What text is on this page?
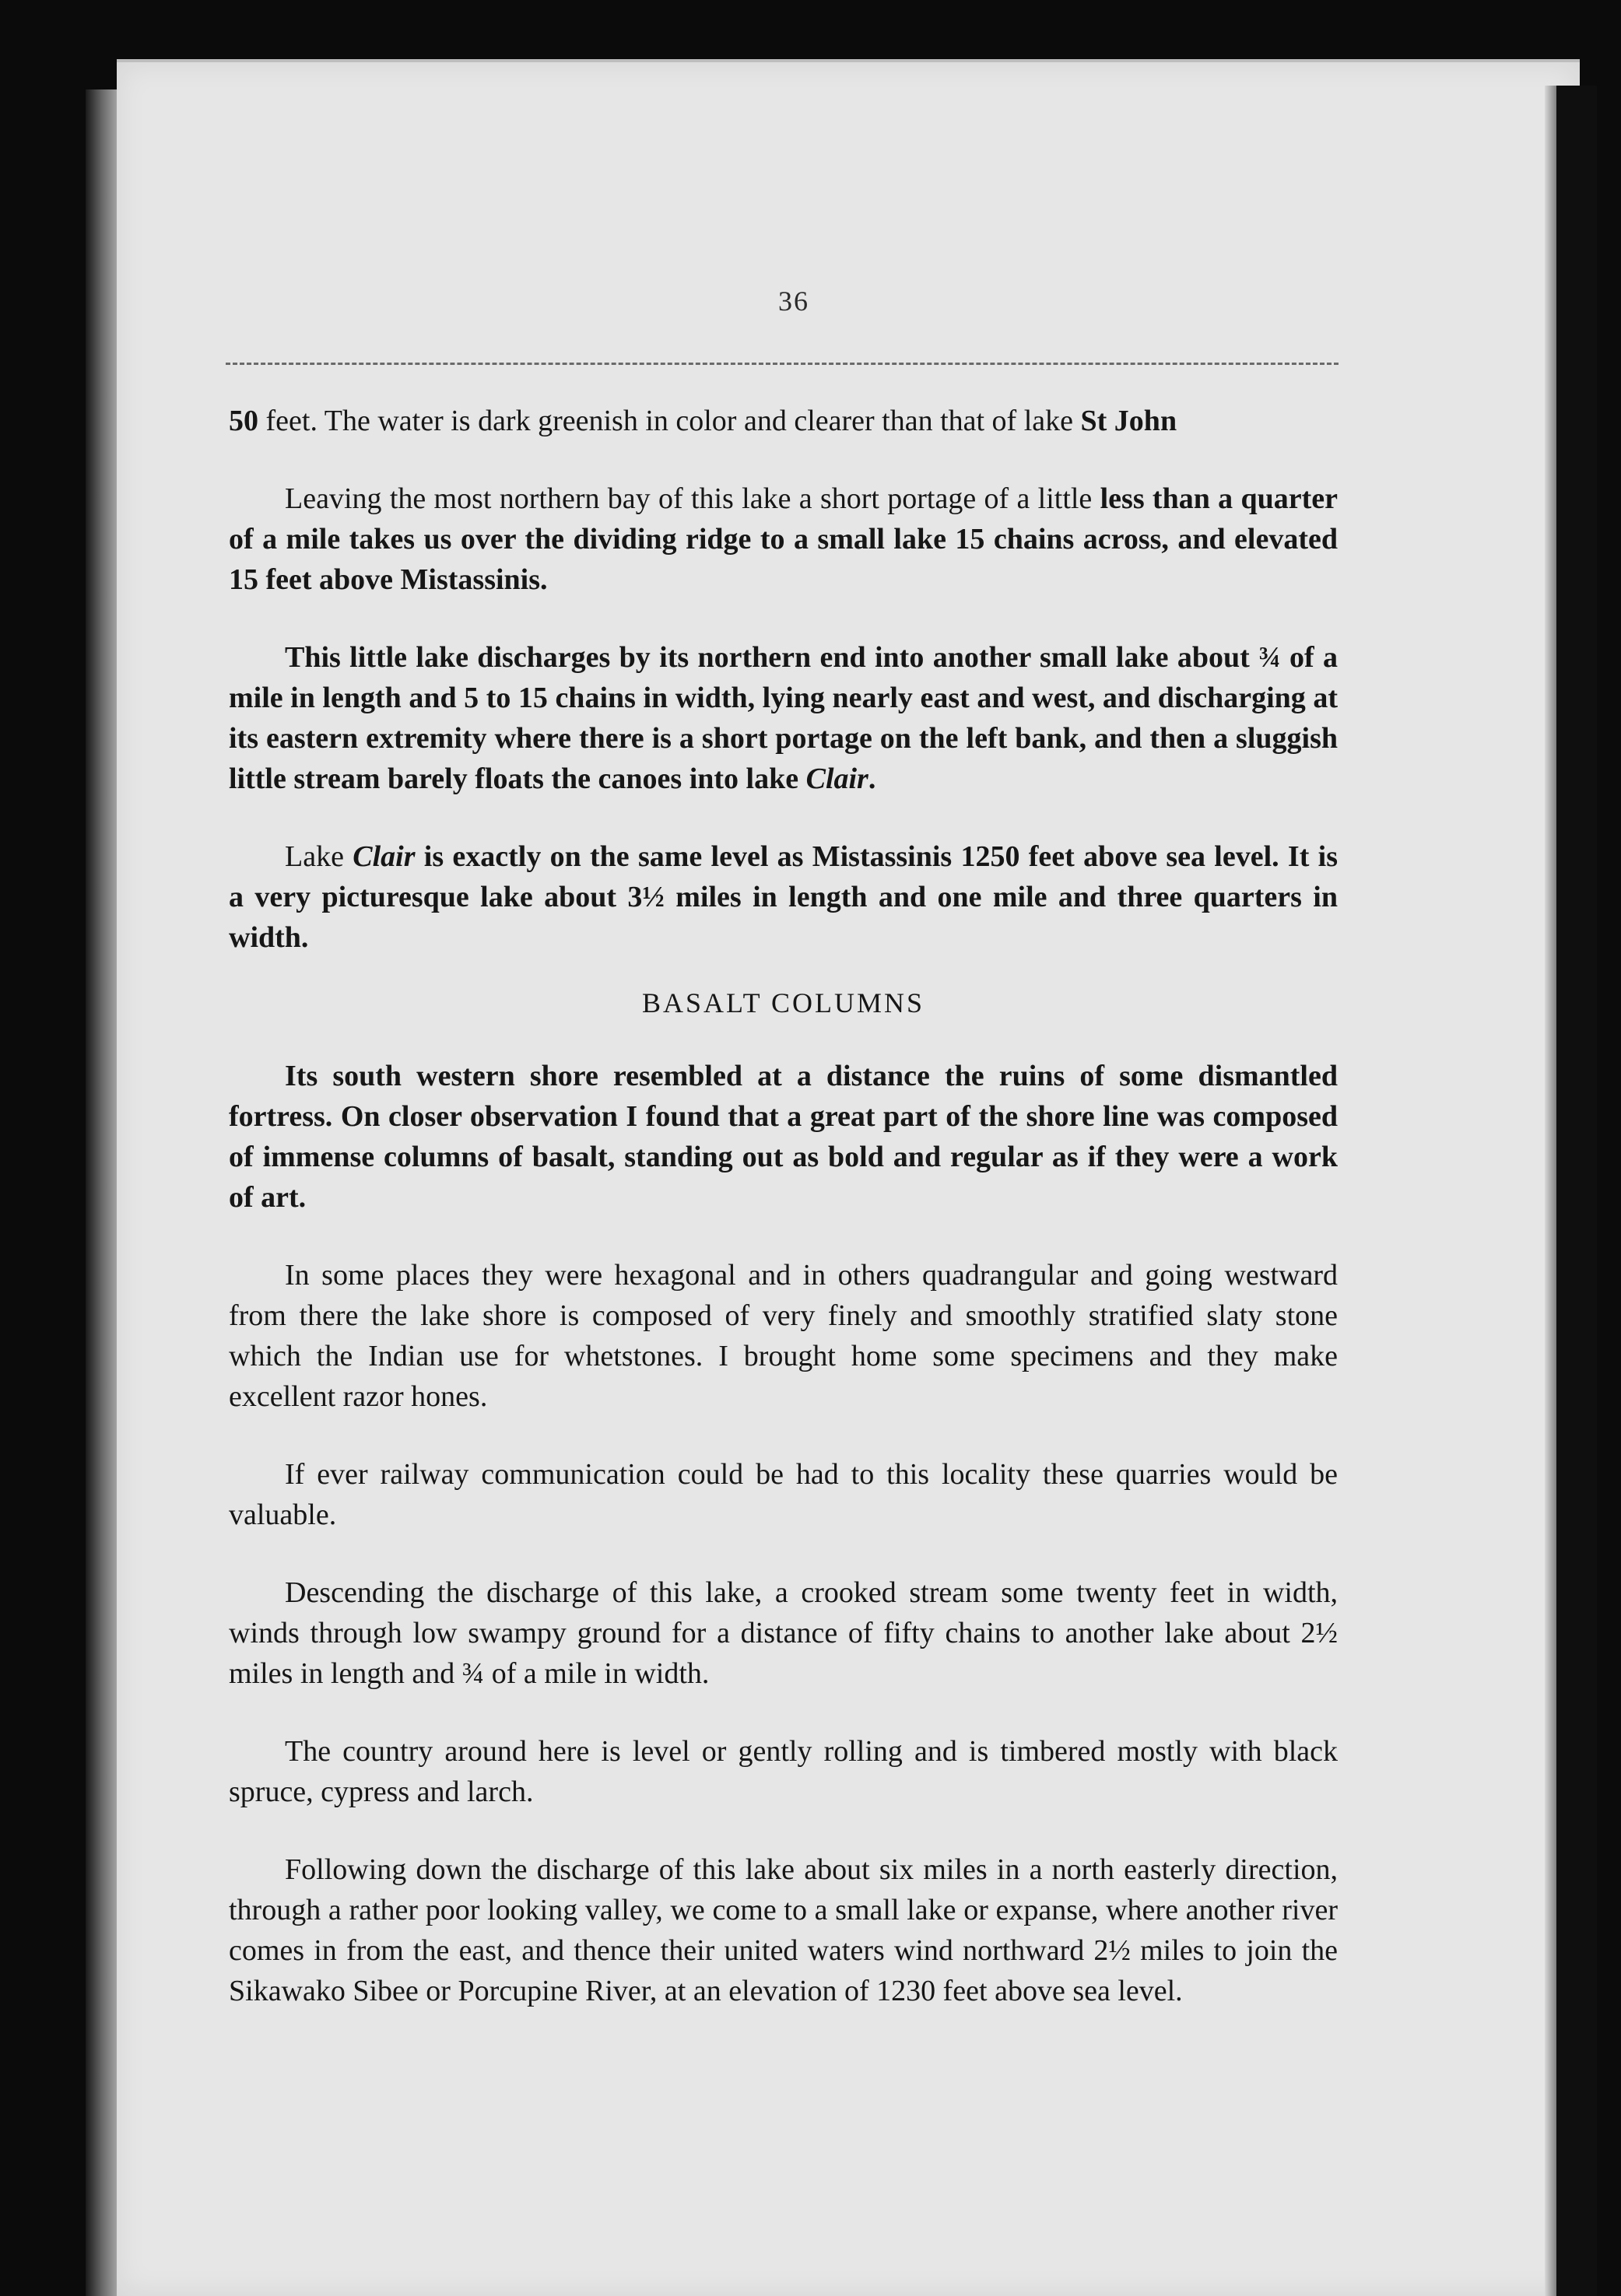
36

50 feet. The water is dark greenish in color and clearer than that of lake St John

Leaving the most northern bay of this lake a short portage of a little less than a quarter of a mile takes us over the dividing ridge to a small lake 15 chains across, and elevated 15 feet above Mistassinis.

This little lake discharges by its northern end into another small lake about ¾ of a mile in length and 5 to 15 chains in width, lying nearly east and west, and discharging at its eastern extremity where there is a short portage on the left bank, and then a sluggish little stream barely floats the canoes into lake Clair.

Lake Clair is exactly on the same level as Mistassinis 1250 feet above sea level. It is a very picturesque lake about 3½ miles in length and one mile and three quarters in width.

BASALT COLUMNS

Its south western shore resembled at a distance the ruins of some dismantled fortress. On closer observation I found that a great part of the shore line was composed of immense columns of basalt, standing out as bold and regular as if they were a work of art.

In some places they were hexagonal and in others quadrangular and going westward from there the lake shore is composed of very finely and smoothly stratified slaty stone which the Indian use for whetstones. I brought home some specimens and they make excellent razor hones.

If ever railway communication could be had to this locality these quarries would be valuable.

Descending the discharge of this lake, a crooked stream some twenty feet in width, winds through low swampy ground for a distance of fifty chains to another lake about 2½ miles in length and ¾ of a mile in width.

The country around here is level or gently rolling and is timbered mostly with black spruce, cypress and larch.

Following down the discharge of this lake about six miles in a north easterly direction, through a rather poor looking valley, we come to a small lake or expanse, where another river comes in from the east, and thence their united waters wind northward 2½ miles to join the Sikawako Sibee or Porcupine River, at an elevation of 1230 feet above sea level.
